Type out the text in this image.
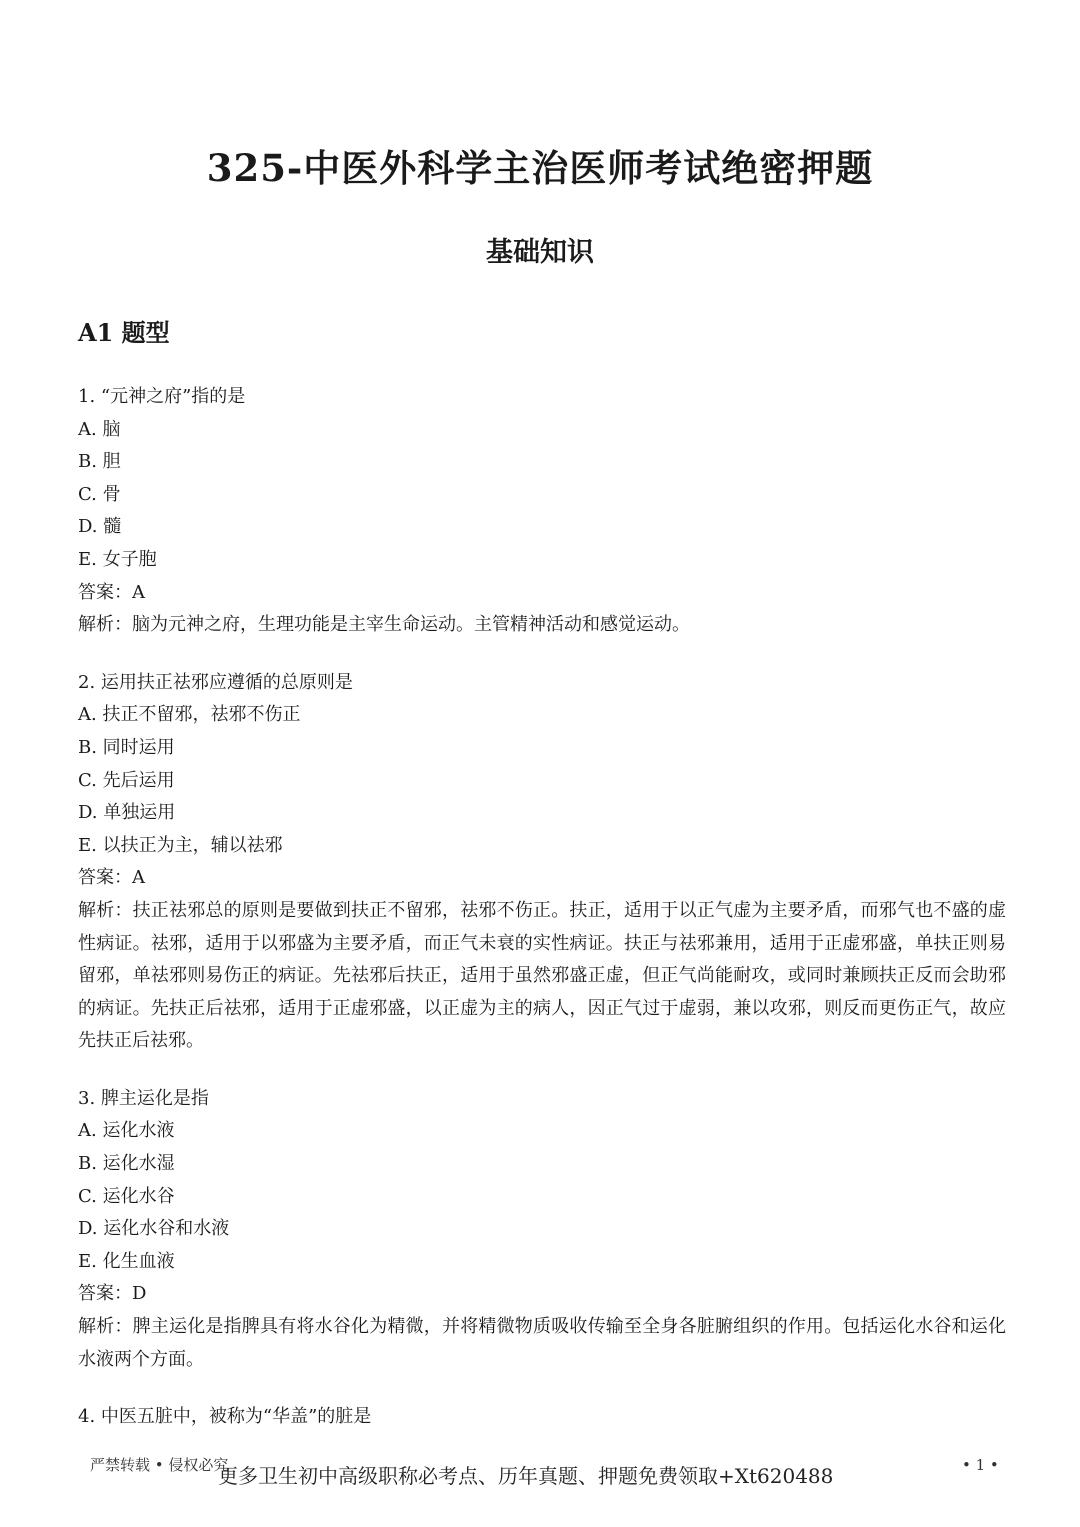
325-中医外科学主治医师考试绝密押题
基础知识
A1 题型
1. “元神之府”指的是
A. 脑
B. 胆
C. 骨
D. 髓
E. 女子胞
答案：A
解析：脑为元神之府，生理功能是主宰生命运动。主管精神活动和感觉运动。
2. 运用扶正祛邪应遵循的总原则是
A. 扶正不留邪，祛邪不伤正
B. 同时运用
C. 先后运用
D. 单独运用
E. 以扶正为主，辅以祛邪
答案：A
解析：扶正祛邪总的原则是要做到扶正不留邪，祛邪不伤正。扶正，适用于以正气虚为主要矛盾，而邪气也不盛的虚性病证。祛邪，适用于以邪盛为主要矛盾，而正气未衰的实性病证。扶正与祛邪兼用，适用于正虚邪盛，单扶正则易留邪，单祛邪则易伤正的病证。先祛邪后扶正，适用于虽然邪盛正虚，但正气尚能耐攻，或同时兼顾扶正反而会助邪的病证。先扶正后祛邪，适用于正虚邪盛，以正虚为主的病人，因正气过于虚弱，兼以攻邪，则反而更伤正气，故应先扶正后祛邪。
3. 脾主运化是指
A. 运化水液
B. 运化水湿
C. 运化水谷
D. 运化水谷和水液
E. 化生血液
答案：D
解析：脾主运化是指脾具有将水谷化为精微，并将精微物质吸收传输至全身各脏腑组织的作用。包括运化水谷和运化水液两个方面。
4. 中医五脏中，被称为“华盖”的脏是
严禁转载 • 侵权必究
更多卫生初中高级职称必考点、历年真题、押题免费领取+Xt620488	• 1 •
